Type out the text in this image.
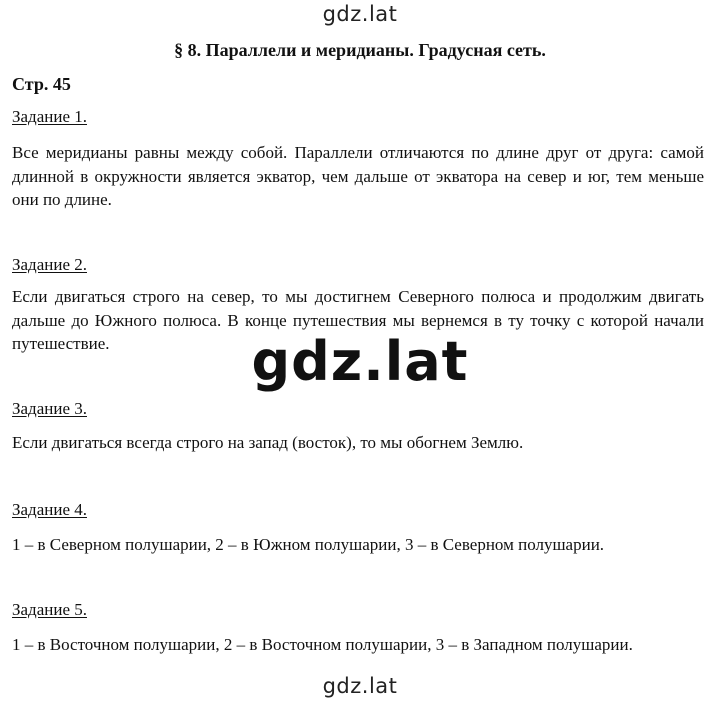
gdz.lat
§ 8. Параллели и меридианы. Градусная сеть.
Стр. 45
Задание 1.
Все меридианы равны между собой. Параллели отличаются по длине друг от друга: самой длинной в окружности является экватор, чем дальше от экватора на север и юг, тем меньше они по длине.
Задание 2.
Если двигаться строго на север, то мы достигнем Северного полюса и продолжим двигать дальше до Южного полюса. В конце путешествия мы вернемся в ту точку с которой начали путешествие.	gdz.lat
Задание 3.
Если двигаться всегда строго на запад (восток), то мы обогнем Землю.
Задание 4.
1 – в Северном полушарии, 2 – в Южном полушарии, 3 – в Северном полушарии.
Задание 5.
1 – в Восточном полушарии, 2 – в Восточном полушарии, 3 – в Западном полушарии.
gdz.lat
